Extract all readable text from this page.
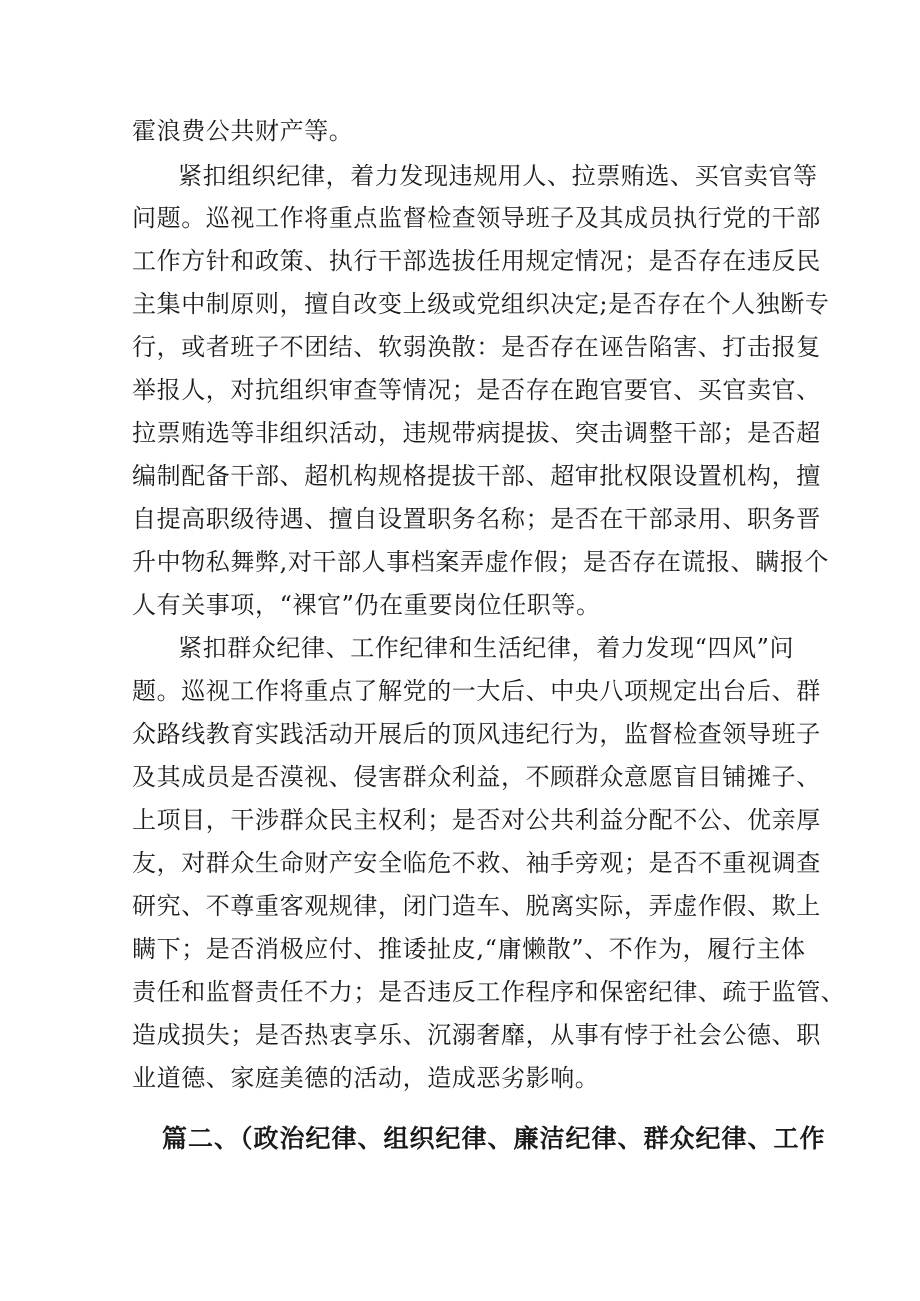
霍浪费公共财产等。
紧扣组织纪律，着力发现违规用人、拉票贿选、买官卖官等
问题。巡视工作将重点监督检查领导班子及其成员执行党的干部
工作方针和政策、执行干部选拔任用规定情况；是否存在违反民
主集中制原则，擅自改变上级或党组织决定;是否存在个人独断专
行，或者班子不团结、软弱涣散：是否存在诬告陷害、打击报复
举报人，对抗组织审查等情况；是否存在跑官要官、买官卖官、
拉票贿选等非组织活动，违规带病提拔、突击调整干部；是否超
编制配备干部、超机构规格提拔干部、超审批权限设置机构，擅
自提高职级待遇、擅自设置职务名称；是否在干部录用、职务晋
升中物私舞弊,对干部人事档案弄虚作假；是否存在谎报、瞒报个
人有关事项，“裸官”仍在重要岗位任职等。
紧扣群众纪律、工作纪律和生活纪律，着力发现“四风”问
题。巡视工作将重点了解党的一大后、中央八项规定出台后、群
众路线教育实践活动开展后的顶风违纪行为，监督检查领导班子
及其成员是否漠视、侵害群众利益，不顾群众意愿盲目铺摊子、
上项目，干涉群众民主权利；是否对公共利益分配不公、优亲厚
友，对群众生命财产安全临危不救、袖手旁观；是否不重视调查
研究、不尊重客观规律，闭门造车、脱离实际，弄虚作假、欺上
瞒下；是否消极应付、推诿扯皮,“庸懒散”、不作为，履行主体
责任和监督责任不力；是否违反工作程序和保密纪律、疏于监管、
造成损失；是否热衷享乐、沉溺奢靡，从事有悖于社会公德、职
业道德、家庭美德的活动，造成恶劣影响。
篇二、（政治纪律、组织纪律、廉洁纪律、群众纪律、工作
